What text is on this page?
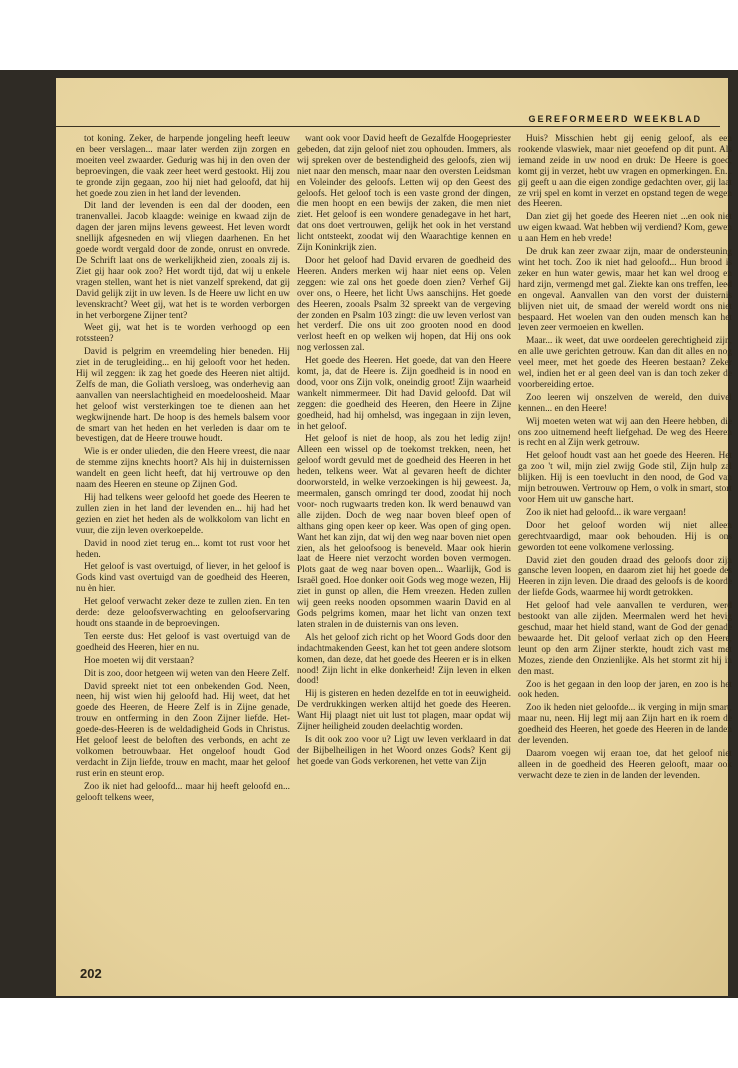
GEREFORMEERD WEEKBLAD

tot koning. Zeker, de harpende jongeling heeft leeuw en beer verslagen... maar later werden zijn zorgen en moeiten veel zwaarder. Gedurig was hij in den oven der beproevingen, die vaak zeer heet werd gestookt. Hij zou te gronde zijn gegaan, zoo hij niet had geloofd, dat hij het goede zou zien in het land der levenden.

Dit land der levenden is een dal der dooden, een tranenvallei. Jacob klaagde: weinige en kwaad zijn de dagen der jaren mijns levens geweest. Het leven wordt snellijk afgesneden en wij vliegen daarhenen. En het goede wordt vergald door de zonde, onrust en onvrede. De Schrift laat ons de werkelijkheid zien, zooals zij is. Ziet gij haar ook zoo? Het wordt tijd, dat wij u enkele vragen stellen, want het is niet vanzelf sprekend, dat gij David gelijk zijt in uw leven. Is de Heere uw licht en uw levenskracht? Weet gij, wat het is te worden verborgen in het verborgene Zijner tent?

Weet gij, wat het is te worden verhoogd op een rotssteen?

David is pelgrim en vreemdeling hier beneden. Hij ziet in de terugleiding... en hij gelooft voor het heden. Hij wil zeggen: ik zag het goede des Heeren niet altijd. Zelfs de man, die Goliath versloeg, was onderhevig aan aanvallen van neerslachtigheid en moedeloosheid. Maar het geloof wist versterkingen toe te dienen aan het wegkwijnende hart. De hoop is des hemels balsem voor de smart van het heden en het verleden is daar om te bevestigen, dat de Heere trouwe houdt.

Wie is er onder ulieden, die den Heere vreest, die naar de stemme zijns knechts hoort? Als hij in duisternissen wandelt en geen licht heeft, dat hij vertrouwe op den naam des Heeren en steune op Zijnen God.

Hij had telkens weer geloofd het goede des Heeren te zullen zien in het land der levenden en... hij had het gezien en ziet het heden als de wolkkolom van licht en vuur, die zijn leven overkoepelde.

David in nood ziet terug en... komt tot rust voor het heden.

Het geloof is vast overtuigd, of liever, in het geloof is Gods kind vast overtuigd van de goedheid des Heeren, nu èn hier.

Het geloof verwacht zeker deze te zullen zien. En ten derde: deze geloofsverwachting en geloofservaring houdt ons staande in de beproevingen.

Ten eerste dus: Het geloof is vast overtuigd van de goedheid des Heeren, hier en nu.

Hoe moeten wij dit verstaan?

Dit is zoo, door hetgeen wij weten van den Heere Zelf.

David spreekt niet tot een onbekenden God. Neen, neen, hij wist wien hij geloofd had. Hij weet, dat het goede des Heeren, de Heere Zelf is in Zijne genade, trouw en ontferming in den Zoon Zijner liefde. Het-goede-des-Heeren is de weldadigheid Gods in Christus. Het geloof leest de beloften des verbonds, en acht ze volkomen betrouwbaar. Het ongeloof houdt God verdacht in Zijn liefde, trouw en macht, maar het geloof rust erin en steunt erop.

Zoo ik niet had geloofd... maar hij heeft geloofd en... gelooft telkens weer,

want ook voor David heeft de Gezalfde Hoogepriester gebeden, dat zijn geloof niet zou ophouden. Immers, als wij spreken over de bestendigheid des geloofs, zien wij niet naar den mensch, maar naar den oversten Leidsman en Voleinder des geloofs. Letten wij op den Geest des geloofs. Het geloof toch is een vaste grond der dingen, die men hoopt en een bewijs der zaken, die men niet ziet. Het geloof is een wondere genadegave in het hart, dat ons doet vertrouwen, gelijk het ook in het verstand licht ontsteekt, zoodat wij den Waarachtige kennen en Zijn Koninkrijk zien.

Door het geloof had David ervaren de goedheid des Heeren. Anders merken wij haar niet eens op. Velen zeggen: wie zal ons het goede doen zien? Verhef Gij over ons, o Heere, het licht Uws aanschijns. Het goede des Heeren, zooals Psalm 32 spreekt van de vergeving der zonden en Psalm 103 zingt: die uw leven verlost van het verderf. Die ons uit zoo grooten nood en dood verlost heeft en op welken wij hopen, dat Hij ons ook nog verlossen zal.

Het goede des Heeren. Het goede, dat van den Heere komt, ja, dat de Heere is. Zijn goedheid is in nood en dood, voor ons Zijn volk, oneindig groot! Zijn waarheid wankelt nimmermeer. Dit had David geloofd. Dat wil zeggen: die goedheid des Heeren, den Heere in Zijne goedheid, had hij omhelsd, was ingegaan in zijn leven, in het geloof.

Het geloof is niet de hoop, als zou het ledig zijn! Alleen een wissel op de toekomst trekken, neen, het geloof wordt gevuld met de goedheid des Heeren in het heden, telkens weer. Wat al gevaren heeft de dichter doorworsteld, in welke verzoekingen is hij geweest. Ja, meermalen, gansch omringd ter dood, zoodat hij noch voor- noch rugwaarts treden kon. Ik werd benauwd van alle zijden. Doch de weg naar boven bleef open of althans ging open keer op keer. Was open of ging open. Want het kan zijn, dat wij den weg naar boven niet open zien, als het geloofsoog is beneveld. Maar ook hierin laat de Heere niet verzocht worden boven vermogen. Plots gaat de weg naar boven open... Waarlijk, God is Israël goed. Hoe donker ooit Gods weg moge wezen, Hij ziet in gunst op allen, die Hem vreezen. Heden zullen wij geen reeks nooden opsommen waarin David en al Gods pelgrims komen, maar het licht van onzen text laten stralen in de duisternis van ons leven.

Als het geloof zich richt op het Woord Gods door den indachtmakenden Geest, kan het tot geen andere slotsom komen, dan deze, dat het goede des Heeren er is in elken nood! Zijn licht in elke donkerheid! Zijn leven in elken dood!

Hij is gisteren en heden dezelfde en tot in eeuwigheid. De verdrukkingen werken altijd het goede des Heeren. Want Hij plaagt niet uit lust tot plagen, maar opdat wij Zijner heiligheid zouden deelachtig worden.

Is dit ook zoo voor u? Ligt uw leven verklaard in dat der Bijbelheiligen in het Woord onzes Gods? Kent gij het goede van Gods verkorenen, het vette van Zijn

Huis? Misschien hebt gij eenig geloof, als een rookende vlaswiek, maar niet geoefend op dit punt. Als iemand zeide in uw nood en druk: De Heere is goed, komt gij in verzet, hebt uw vragen en opmerkingen. En... gij geeft u aan die eigen zondige gedachten over, gij laat ze vrij spel en komt in verzet en opstand tegen de wegen des Heeren.

Dan ziet gij het goede des Heeren niet ...en ook niet uw eigen kwaad. Wat hebben wij verdiend? Kom, gewen u aan Hem en heb vrede!

De druk kan zeer zwaar zijn, maar de ondersteuning wint het toch. Zoo ik niet had geloofd... Hun brood is zeker en hun water gewis, maar het kan wel droog en hard zijn, vermengd met gal. Ziekte kan ons treffen, leed en ongeval. Aanvallen van den vorst der duisternis blijven niet uit, de smaad der wereld wordt ons niet bespaard. Het woelen van den ouden mensch kan het leven zeer vermoeien en kwellen.

Maar... ik weet, dat uwe oordeelen gerechtigheid zijn, en alle uwe gerichten getrouw. Kan dan dit alles en nog veel meer, met het goede des Heeren bestaan? Zeker wel, indien het er al geen deel van is dan toch zeker de voorbereiding ertoe.

Zoo leeren wij onszelven de wereld, den duivel kennen... en den Heere!

Wij moeten weten wat wij aan den Heere hebben, die ons zoo uitnemend heeft liefgehad. De weg des Heeren is recht en al Zijn werk getrouw.

Het geloof houdt vast aan het goede des Heeren. Het ga zoo 't wil, mijn ziel zwijg Gode stil, Zijn hulp zal blijken. Hij is een toevlucht in den nood, de God van mijn betrouwen. Vertrouw op Hem, o volk in smart, stort voor Hem uit uw gansche hart.

Zoo ik niet had geloofd... ik ware vergaan!

Door het geloof worden wij niet alleen gerechtvaardigd, maar ook behouden. Hij is ons geworden tot eene volkomene verlossing.

David ziet den gouden draad des geloofs door zijn gansche leven loopen, en daarom ziet hij het goede des Heeren in zijn leven. Die draad des geloofs is de koorde der liefde Gods, waarmee hij wordt getrokken.

Het geloof had vele aanvallen te verduren, werd bestookt van alle zijden. Meermalen werd het hevig geschud, maar het hield stand, want de God der genade bewaarde het. Dit geloof verlaat zich op den Heere, leunt op den arm Zijner sterkte, houdt zich vast met Mozes, ziende den Onzienlijke. Als het stormt zit hij in den mast.

Zoo is het gegaan in den loop der jaren, en zoo is het ook heden.

Zoo ik heden niet geloofde... ik verging in mijn smart, maar nu, neen. Hij legt mij aan Zijn hart en ik roem de goedheid des Heeren, het goede des Heeren in de landen der levenden.

Daarom voegen wij eraan toe, dat het geloof niet alleen in de goedheid des Heeren gelooft, maar ook verwacht deze te zien in de landen der levenden.

202
